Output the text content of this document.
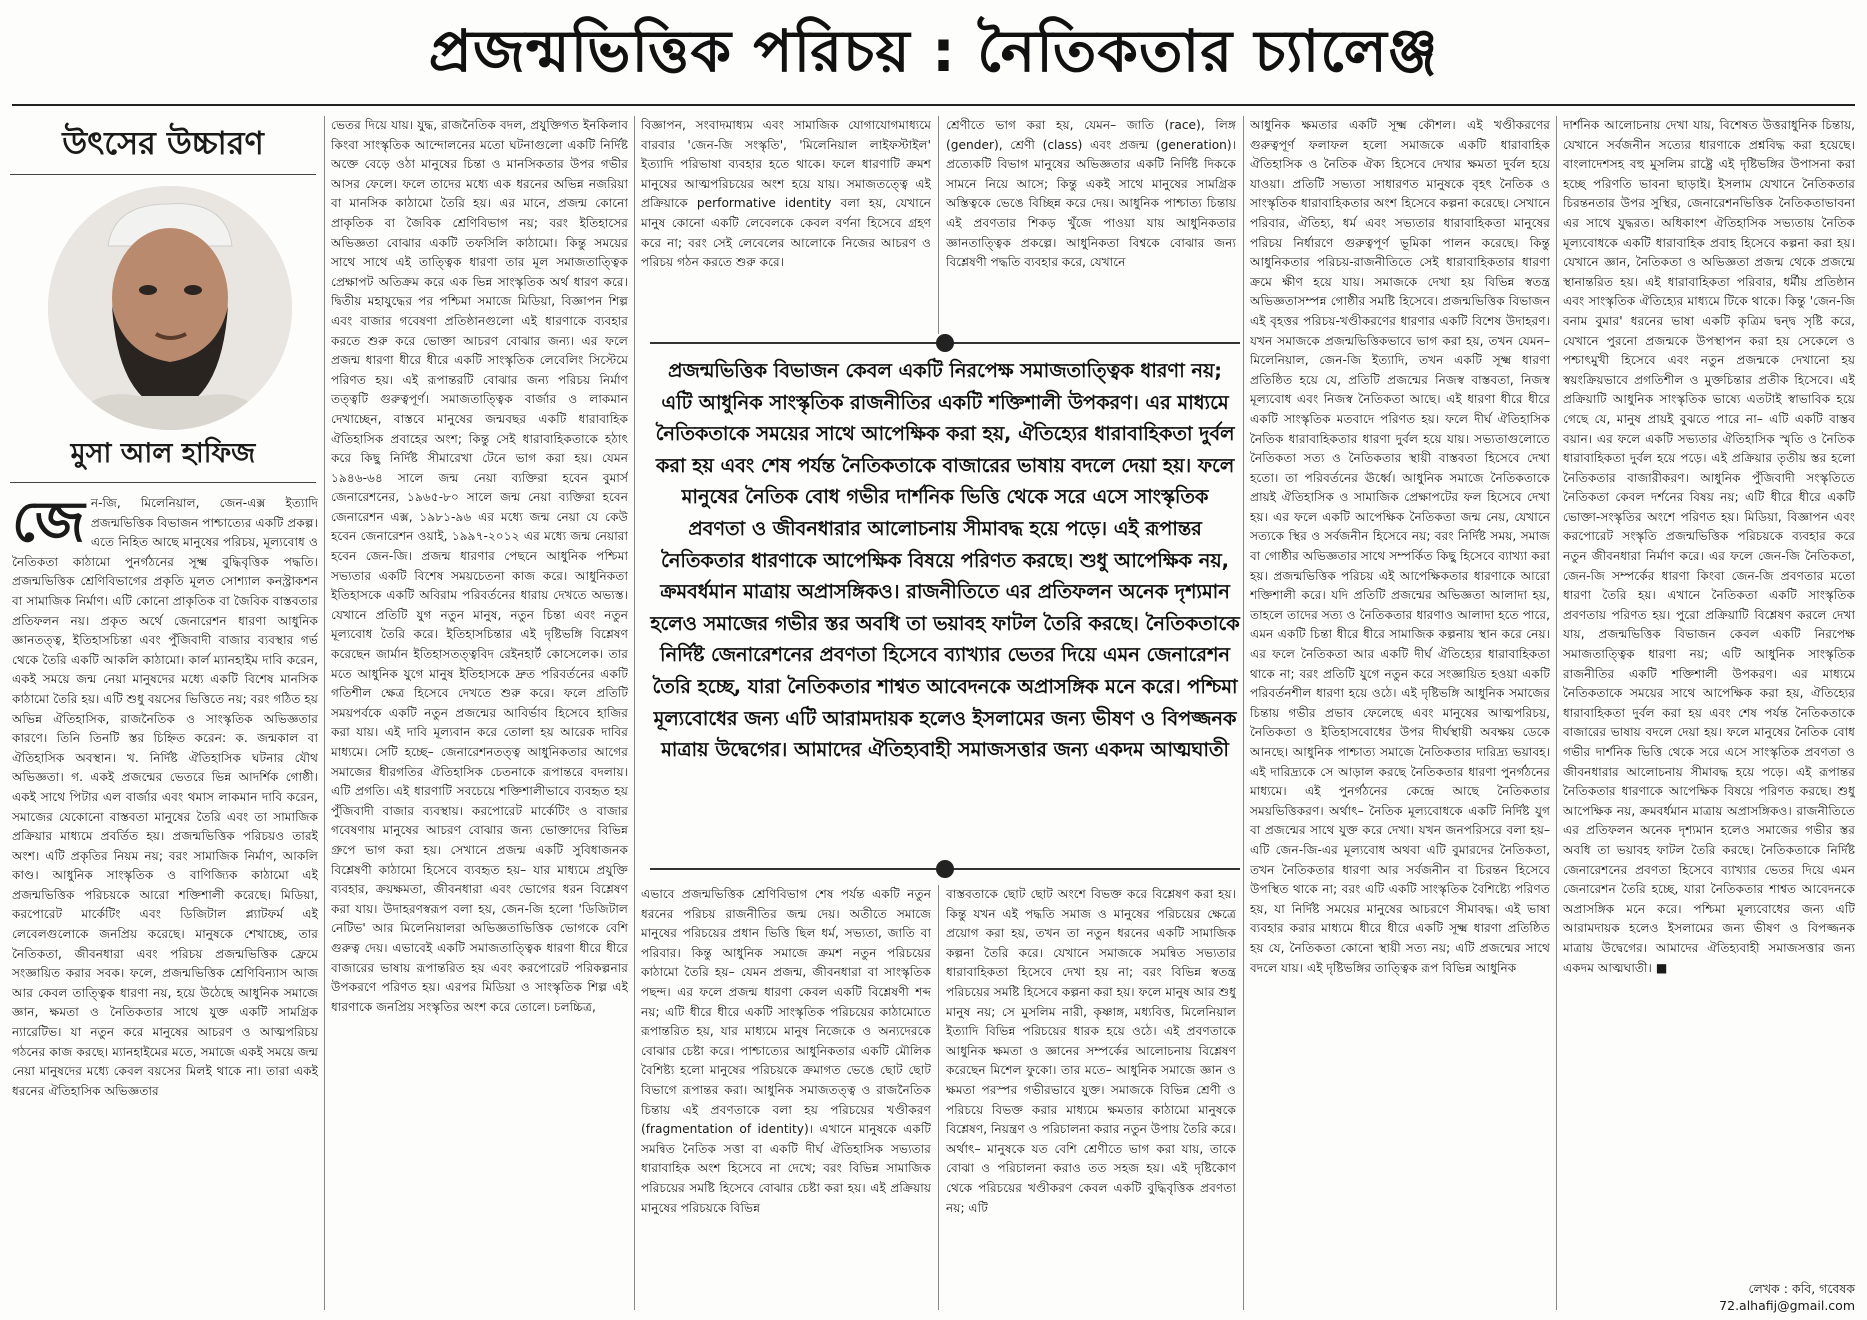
প্রজন্মভিত্তিক পরিচয় : নৈতিকতার চ্যালেঞ্জ
উৎসের উচ্চারণ
মুসা আল হাফিজ
জে ন-জি, মিলেনিয়াল, জেন-এক্স ইত্যাদি প্রজন্মভিত্তিক বিভাজন পাশ্চাত্যের একটি প্রকল্প। এতে নিহিত আছে মানুষের পরিচয়, মূল্যবোধ ও নৈতিকতা কাঠামো পুনর্গঠনের সূক্ষ্ম বুদ্ধিবৃত্তিক পদ্ধতি। প্রজন্মভিত্তিক শ্রেণিবিভাগের প্রকৃতি মূলত সোশ্যাল কনস্ট্রাকশন বা সামাজিক নির্মাণ। এটি কোনো প্রাকৃতিক বা জৈবিক বাস্তবতার প্রতিফলন নয়। প্রকৃত অর্থে জেনারেশন ধারণা আধুনিক জ্ঞানতত্ত্ব, ইতিহাসচিন্তা এবং পুঁজিবাদী বাজার ব্যবস্থার গর্ভ থেকে তৈরি একটি আকলি কাঠামো। কার্ল ম্যানহাইম দাবি করেন, একই সময়ে জন্ম নেয়া মানুষদের মধ্যে একটি বিশেষ মানসিক কাঠামো তৈরি হয়। এটি শুধু বয়সের ভিত্তিতে নয়; বরং গঠিত হয় অভিন্ন ঐতিহাসিক, রাজনৈতিক ও সাংস্কৃতিক অভিজ্ঞতার কারণে। তিনি তিনটি স্তর চিহ্নিত করেন: ক. জন্মকাল বা ঐতিহাসিক অবস্থান। খ. নির্দিষ্ট ঐতিহাসিক ঘটনার যৌথ অভিজ্ঞতা। গ. একই প্রজন্মের ভেতরে ভিন্ন আদর্শিক গোষ্ঠী। একই সাথে পিটার এল বার্জার এবং থমাস লাকমান দাবি করেন, সমাজের যেকোনো বাস্তবতা মানুষের তৈরি এবং তা সামাজিক প্রক্রিয়ার মাধ্যমে প্রবর্তিত হয়। প্রজন্মভিত্তিক পরিচয়ও তারই অংশ। এটি প্রকৃতির নিয়ম নয়; বরং সামাজিক নির্মাণ, আকলি কাণ্ড। আধুনিক সাংস্কৃতিক ও বাণিজ্যিক কাঠামো এই প্রজন্মভিত্তিক পরিচয়কে আরো শক্তিশালী করেছে। মিডিয়া, করপোরেট মার্কেটিং এবং ডিজিটাল প্ল্যাটফর্ম এই লেবেলগুলোকে জনপ্রিয় করেছে। মানুষকে শেখাচ্ছে, তার নৈতিকতা, জীবনধারা এবং পরিচয় প্রজন্মভিত্তিক ফ্রেমে সংজ্ঞায়িত করার সবক। ফলে, প্রজন্মভিত্তিক শ্রেণিবিন্যাস আজ আর কেবল তাত্ত্বিক ধারণা নয়, হয়ে উঠেছে আধুনিক সমাজে জ্ঞান, ক্ষমতা ও নৈতিকতার সাথে যুক্ত একটি সামগ্রিক ন্যারেটিভ। যা নতুন করে মানুষের আচরণ ও আত্মপরিচয় গঠনের কাজ করছে। ম্যানহাইমের মতে, সমাজে একই সময়ে জন্ম নেয়া মানুষদের মধ্যে কেবল বয়সের মিলই থাকে না। তারা একই ধরনের ঐতিহাসিক অভিজ্ঞতার

ভেতর দিয়ে যায়। যুদ্ধ, রাজনৈতিক বদল, প্রযুক্তিগত ইনকিলাব কিংবা সাংস্কৃতিক আন্দোলনের মতো ঘটনাগুলো একটি নির্দিষ্ট অক্তে বেড়ে ওঠা মানুষের চিন্তা ও মানসিকতার উপর গভীর আসর ফেলে। ফলে তাদের মধ্যে এক ধরনের অভিন্ন নজরিয়া বা মানসিক কাঠামো তৈরি হয়। এর মানে, প্রজন্ম কোনো প্রাকৃতিক বা জৈবিক শ্রেণিবিভাগ নয়; বরং ইতিহাসের অভিজ্ঞতা বোঝার একটি তফসিলি কাঠামো। কিন্তু সময়ের সাথে সাথে এই তাত্ত্বিক ধারণা তার মূল সমাজতাত্ত্বিক প্রেক্ষাপট অতিক্রম করে এক ভিন্ন সাংস্কৃতিক অর্থ ধারণ করে। দ্বিতীয় মহাযুদ্ধের পর পশ্চিমা সমাজে মিডিয়া, বিজ্ঞাপন শিল্প এবং বাজার গবেষণা প্রতিষ্ঠানগুলো এই ধারণাকে ব্যবহার করতে শুরু করে ভোক্তা আচরণ বোঝার জন্য। এর ফলে প্রজন্ম ধারণা ধীরে ধীরে একটি সাংস্কৃতিক লেবেলিং সিস্টেমে পরিণত হয়। এই রূপান্তরটি বোঝার জন্য পরিচয় নির্মাণ তত্ত্বটি গুরুত্বপূর্ণ। সমাজতাত্ত্বিক বার্জার ও লাকমান দেখাচ্ছেন, বাস্তবে মানুষের জন্মবছর একটি ধারাবাহিক ঐতিহাসিক প্রবাহের অংশ; কিন্তু সেই ধারাবাহিকতাকে হঠাৎ করে কিছু নির্দিষ্ট সীমারেখা টেনে ভাগ করা হয়। যেমন ১৯৪৬-৬৪ সালে জন্ম নেয়া ব্যক্তিরা হবেন বুমার্স জেনারেশনের, ১৯৬৫-৮০ সালে জন্ম নেয়া ব্যক্তিরা হবেন জেনারেশন এক্স, ১৯৮১-৯৬ এর মধ্যে জন্ম নেয়া যে কেউ হবেন জেনারেশন ওয়াই, ১৯৯৭-২০১২ এর মধ্যে জন্ম নেয়ারা হবেন জেন-জি। প্রজন্ম ধারণার পেছনে আধুনিক পশ্চিমা সভ্যতার একটি বিশেষ সময়চেতনা কাজ করে। আধুনিকতা ইতিহাসকে একটি অবিরাম পরিবর্তনের ধারায় দেখতে অভ্যস্ত। যেখানে প্রতিটি যুগ নতুন মানুষ, নতুন চিন্তা এবং নতুন মূল্যবোধ তৈরি করে। ইতিহাসচিন্তার এই দৃষ্টিভঙ্গি বিশ্লেষণ করেছেন জার্মান ইতিহাসতত্ত্ববিদ রেইনহার্ট কোসেলেক। তার মতে আধুনিক যুগে মানুষ ইতিহাসকে দ্রুত পরিবর্তনের একটি গতিশীল ক্ষেত্র হিসেবে দেখতে শুরু করে। ফলে প্রতিটি সময়পর্বকে একটি নতুন প্রজন্মের আবির্ভাব হিসেবে হাজির করা যায়। এই দাবি মূল্যবান করে তোলা হয় আরেক দাবির মাধ্যমে। সেটি হচ্ছে– জেনারেশনতত্ত্ব আধুনিকতার আগের সমাজের ধীরগতির ঐতিহাসিক চেতনাকে রূপান্তরে বদলায়। এটি প্রগতি। এই ধারণাটি সবচেয়ে শক্তিশালীভাবে ব্যবহৃত হয় পুঁজিবাদী বাজার ব্যবস্থায়। করপোরেট মার্কেটিং ও বাজার গবেষণায় মানুষের আচরণ বোঝার জন্য ভোক্তাদের বিভিন্ন গ্রুপে ভাগ করা হয়। সেখানে প্রজন্ম একটি সুবিধাজনক বিশ্লেষণী কাঠামো হিসেবে ব্যবহৃত হয়– যার মাধ্যমে প্রযুক্তি ব্যবহার, ক্রয়ক্ষমতা, জীবনধারা এবং ভোগের ধরন বিশ্লেষণ করা যায়। উদাহরণস্বরূপ বলা হয়, জেন-জি হলো 'ডিজিটাল নেটিভ' আর মিলেনিয়ালরা অভিজ্ঞতাভিত্তিক ভোগকে বেশি গুরুত্ব দেয়। এভাবেই একটি সমাজতাত্ত্বিক ধারণা ধীরে ধীরে বাজারের ভাষায় রূপান্তরিত হয় এবং করপোরেট পরিকল্পনার উপকরণে পরিণত হয়। এরপর মিডিয়া ও সাংস্কৃতিক শিল্প এই ধারণাকে জনপ্রিয় সংস্কৃতির অংশ করে তোলে। চলচ্চিত্র,

বিজ্ঞাপন, সংবাদমাধ্যম এবং সামাজিক যোগাযোগমাধ্যমে বারবার 'জেন-জি সংস্কৃতি', 'মিলেনিয়াল লাইফস্টাইল' ইত্যাদি পরিভাষা ব্যবহার হতে থাকে। ফলে ধারণাটি ক্রমশ মানুষের আত্মপরিচয়ের অংশ হয়ে যায়। সমাজতত্ত্বে এই প্রক্রিয়াকে performative identity বলা হয়, যেখানে মানুষ কোনো একটি লেবেলকে কেবল বর্ণনা হিসেবে গ্রহণ করে না; বরং সেই লেবেলের আলোকে নিজের আচরণ ও পরিচয় গঠন করতে শুরু করে।

শ্রেণীতে ভাগ করা হয়, যেমন– জাতি (race), লিঙ্গ (gender), শ্রেণী (class) এবং প্রজন্ম (generation)। প্রত্যেকটি বিভাগ মানুষের অভিজ্ঞতার একটি নির্দিষ্ট দিককে সামনে নিয়ে আসে; কিন্তু একই সাথে মানুষের সামগ্রিক অস্তিত্বকে ভেঙে বিচ্ছিন্ন করে দেয়। আধুনিক পাশ্চাত্য চিন্তায় এই প্রবণতার শিকড় খুঁজে পাওয়া যায় আধুনিকতার জ্ঞানতাত্ত্বিক প্রকল্পে। আধুনিকতা বিশ্বকে বোঝার জন্য বিশ্লেষণী পদ্ধতি ব্যবহার করে, যেখানে

প্রজন্মভিত্তিক বিভাজন কেবল একটি নিরপেক্ষ সমাজতাত্ত্বিক ধারণা নয়; এটি আধুনিক সাংস্কৃতিক রাজনীতির একটি শক্তিশালী উপকরণ। এর মাধ্যমে নৈতিকতাকে সময়ের সাথে আপেক্ষিক করা হয়, ঐতিহ্যের ধারাবাহিকতা দুর্বল করা হয় এবং শেষ পর্যন্ত নৈতিকতাকে বাজারের ভাষায় বদলে দেয়া হয়। ফলে মানুষের নৈতিক বোধ গভীর দার্শনিক ভিত্তি থেকে সরে এসে সাংস্কৃতিক প্রবণতা ও জীবনধারার আলোচনায় সীমাবদ্ধ হয়ে পড়ে। এই রূপান্তর নৈতিকতার ধারণাকে আপেক্ষিক বিষয়ে পরিণত করছে। শুধু আপেক্ষিক নয়, ক্রমবর্ধমান মাত্রায় অপ্রাসঙ্গিকও। রাজনীতিতে এর প্রতিফলন অনেক দৃশ্যমান হলেও সমাজের গভীর স্তর অবধি তা ভয়াবহ ফাটল তৈরি করছে। নৈতিকতাকে নির্দিষ্ট জেনারেশনের প্রবণতা হিসেবে ব্যাখ্যার ভেতর দিয়ে এমন জেনারেশন তৈরি হচ্ছে, যারা নৈতিকতার শাশ্বত আবেদনকে অপ্রাসঙ্গিক মনে করে। পশ্চিমা মূল্যবোধের জন্য এটি আরামদায়ক হলেও ইসলামের জন্য ভীষণ ও বিপজ্জনক মাত্রায় উদ্বেগের। আমাদের ঐতিহ্যবাহী সমাজসত্তার জন্য একদম আত্মঘাতী

এভাবে প্রজন্মভিত্তিক শ্রেণিবিভাগ শেষ পর্যন্ত একটি নতুন ধরনের পরিচয় রাজনীতির জন্ম দেয়। অতীতে সমাজে মানুষের পরিচয়ের প্রধান ভিত্তি ছিল ধর্ম, সভ্যতা, জাতি বা পরিবার। কিন্তু আধুনিক সমাজে ক্রমশ নতুন পরিচয়ের কাঠামো তৈরি হয়– যেমন প্রজন্ম, জীবনধারা বা সাংস্কৃতিক পছন্দ। এর ফলে প্রজন্ম ধারণা কেবল একটি বিশ্লেষণী শব্দ নয়; এটি ধীরে ধীরে একটি সাংস্কৃতিক পরিচয়ের কাঠামোতে রূপান্তরিত হয়, যার মাধ্যমে মানুষ নিজেকে ও অন্যদেরকে বোঝার চেষ্টা করে। পাশ্চাত্যের আধুনিকতার একটি মৌলিক বৈশিষ্ট্য হলো মানুষের পরিচয়কে ক্রমাগত ভেঙে ছোট ছোট বিভাগে রূপান্তর করা। আধুনিক সমাজতত্ত্ব ও রাজনৈতিক চিন্তায় এই প্রবণতাকে বলা হয় পরিচয়ের খণ্ডীকরণ (fragmentation of identity)। এখানে মানুষকে একটি সমন্বিত নৈতিক সত্তা বা একটি দীর্ঘ ঐতিহাসিক সভ্যতার ধারাবাহিক অংশ হিসেবে না দেখে; বরং বিভিন্ন সামাজিক পরিচয়ের সমষ্টি হিসেবে বোঝার চেষ্টা করা হয়। এই প্রক্রিয়ায় মানুষের পরিচয়কে বিভিন্ন

বাস্তবতাকে ছোট ছোট অংশে বিভক্ত করে বিশ্লেষণ করা হয়। কিন্তু যখন এই পদ্ধতি সমাজ ও মানুষের পরিচয়ের ক্ষেত্রে প্রয়োগ করা হয়, তখন তা নতুন ধরনের একটি সামাজিক কল্পনা তৈরি করে। যেখানে সমাজকে সমন্বিত সভ্যতার ধারাবাহিকতা হিসেবে দেখা হয় না; বরং বিভিন্ন স্বতন্ত্র পরিচয়ের সমষ্টি হিসেবে কল্পনা করা হয়। ফলে মানুষ আর শুধু মানুষ নয়; সে মুসলিম নারী, কৃষ্ণাঙ্গ, মধ্যবিত্ত, মিলেনিয়াল ইত্যাদি বিভিন্ন পরিচয়ের ধারক হয়ে ওঠে। এই প্রবণতাকে আধুনিক ক্ষমতা ও জ্ঞানের সম্পর্কের আলোচনায় বিশ্লেষণ করেছেন মিশেল ফুকো। তার মতে– আধুনিক সমাজে জ্ঞান ও ক্ষমতা পরস্পর গভীরভাবে যুক্ত। সমাজকে বিভিন্ন শ্রেণী ও পরিচয়ে বিভক্ত করার মাধ্যমে ক্ষমতার কাঠামো মানুষকে বিশ্লেষণ, নিয়ন্ত্রণ ও পরিচালনা করার নতুন উপায় তৈরি করে। অর্থাৎ– মানুষকে যত বেশি শ্রেণীতে ভাগ করা যায়, তাকে বোঝা ও পরিচালনা করাও তত সহজ হয়। এই দৃষ্টিকোণ থেকে পরিচয়ের খণ্ডীকরণ কেবল একটি বুদ্ধিবৃত্তিক প্রবণতা নয়; এটি

আধুনিক ক্ষমতার একটি সূক্ষ্ম কৌশল। এই খণ্ডীকরণের গুরুত্বপূর্ণ ফলাফল হলো সমাজকে একটি ধারাবাহিক ঐতিহাসিক ও নৈতিক ঐক্য হিসেবে দেখার ক্ষমতা দুর্বল হয়ে যাওয়া। প্রতিটি সভ্যতা সাধারণত মানুষকে বৃহৎ নৈতিক ও সাংস্কৃতিক ধারাবাহিকতার অংশ হিসেবে কল্পনা করেছে। সেখানে পরিবার, ঐতিহ্য, ধর্ম এবং সভ্যতার ধারাবাহিকতা মানুষের পরিচয় নির্ধারণে গুরুত্বপূর্ণ ভূমিকা পালন করেছে। কিন্তু আধুনিকতার পরিচয়-রাজনীতিতে সেই ধারাবাহিকতার ধারণা ক্রমে ক্ষীণ হয়ে যায়। সমাজকে দেখা হয় বিভিন্ন স্বতন্ত্র অভিজ্ঞতাসম্পন্ন গোষ্ঠীর সমষ্টি হিসেবে। প্রজন্মভিত্তিক বিভাজন এই বৃহত্তর পরিচয়-খণ্ডীকরণের ধারণার একটি বিশেষ উদাহরণ। যখন সমাজকে প্রজন্মভিত্তিকভাবে ভাগ করা হয়, তখন যেমন– মিলেনিয়াল, জেন-জি ইত্যাদি, তখন একটি সূক্ষ্ম ধারণা প্রতিষ্ঠিত হয়ে যে, প্রতিটি প্রজন্মের নিজস্ব বাস্তবতা, নিজস্ব মূল্যবোধ এবং নিজস্ব নৈতিকতা আছে। এই ধারণা ধীরে ধীরে একটি সাংস্কৃতিক মতবাদে পরিণত হয়। ফলে দীর্ঘ ঐতিহাসিক নৈতিক ধারাবাহিকতার ধারণা দুর্বল হয়ে যায়। সভ্যতাগুলোতে নৈতিকতা সত্য ও নৈতিকতার স্থায়ী বাস্তবতা হিসেবে দেখা হতো। তা পরিবর্তনের ঊর্ধ্বে। আধুনিক সমাজে নৈতিকতাকে প্রায়ই ঐতিহাসিক ও সামাজিক প্রেক্ষাপটের ফল হিসেবে দেখা হয়। এর ফলে একটি আপেক্ষিক নৈতিকতা জন্ম নেয়, যেখানে সত্যকে স্থির ও সর্বজনীন হিসেবে নয়; বরং নির্দিষ্ট সময়, সমাজ বা গোষ্ঠীর অভিজ্ঞতার সাথে সম্পর্কিত কিছু হিসেবে ব্যাখ্যা করা হয়। প্রজন্মভিত্তিক পরিচয় এই আপেক্ষিকতার ধারণাকে আরো শক্তিশালী করে। যদি প্রতিটি প্রজন্মের অভিজ্ঞতা আলাদা হয়, তাহলে তাদের সত্য ও নৈতিকতার ধারণাও আলাদা হতে পারে, এমন একটি চিন্তা ধীরে ধীরে সামাজিক কল্পনায় স্থান করে নেয়। এর ফলে নৈতিকতা আর একটি দীর্ঘ ঐতিহ্যের ধারাবাহিকতা থাকে না; বরং প্রতিটি যুগে নতুন করে সংজ্ঞায়িত হওয়া একটি পরিবর্তনশীল ধারণা হয়ে ওঠে। এই দৃষ্টিভঙ্গি আধুনিক সমাজের চিন্তায় গভীর প্রভাব ফেলেছে এবং মানুষের আত্মপরিচয়, নৈতিকতা ও ইতিহাসবোধের উপর দীর্ঘস্থায়ী অবক্ষয় ডেকে আনছে। আধুনিক পাশ্চাত্য সমাজে নৈতিকতার দারিদ্র্য ভয়াবহ। এই দারিদ্র্যকে সে আড়াল করছে নৈতিকতার ধারণা পুনর্গঠনের মাধ্যমে। এই পুনর্গঠনের কেন্দ্রে আছে নৈতিকতার সময়ভিত্তিকরণ। অর্থাৎ– নৈতিক মূল্যবোধকে একটি নির্দিষ্ট যুগ বা প্রজন্মের সাথে যুক্ত করে দেখা। যখন জনপরিসরে বলা হয়– এটি জেন-জি-এর মূল্যবোধ অথবা এটি বুমারদের নৈতিকতা, তখন নৈতিকতার ধারণা আর সর্বজনীন বা চিরন্তন হিসেবে উপস্থিত থাকে না; বরং এটি একটি সাংস্কৃতিক বৈশিষ্ট্যে পরিণত হয়, যা নির্দিষ্ট সময়ের মানুষের আচরণে সীমাবদ্ধ। এই ভাষা ব্যবহার করার মাধ্যমে ধীরে ধীরে একটি সূক্ষ্ম ধারণা প্রতিষ্ঠিত হয় যে, নৈতিকতা কোনো স্থায়ী সত্য নয়; এটি প্রজন্মের সাথে বদলে যায়। এই দৃষ্টিভঙ্গির তাত্ত্বিক রূপ বিভিন্ন আধুনিক

দার্শনিক আলোচনায় দেখা যায়, বিশেষত উত্তরাধুনিক চিন্তায়, যেখানে সর্বজনীন সত্যের ধারণাকে প্রশ্নবিদ্ধ করা হয়েছে। বাংলাদেশসহ বহু মুসলিম রাষ্ট্রে এই দৃষ্টিভঙ্গির উপাসনা করা হচ্ছে পরিণতি ভাবনা ছাড়াই। ইসলাম যেখানে নৈতিকতার চিরন্তনতার উপর সুস্থির, জেনারেশনভিত্তিক নৈতিকতাভাবনা এর সাথে যুদ্ধরত। অধিকাংশ ঐতিহাসিক সভ্যতায় নৈতিক মূল্যবোধকে একটি ধারাবাহিক প্রবাহ হিসেবে কল্পনা করা হয়। যেখানে জ্ঞান, নৈতিকতা ও অভিজ্ঞতা প্রজন্ম থেকে প্রজন্মে স্থানান্তরিত হয়। এই ধারাবাহিকতা পরিবার, ধর্মীয় প্রতিষ্ঠান এবং সাংস্কৃতিক ঐতিহ্যের মাধ্যমে টিকে থাকে। কিন্তু 'জেন-জি বনাম বুমার' ধরনের ভাষা একটি কৃত্রিম দ্বন্দ্ব সৃষ্টি করে, যেখানে পুরনো প্রজন্মকে উপস্থাপন করা হয় সেকেলে ও পশ্চাৎমুখী হিসেবে এবং নতুন প্রজন্মকে দেখানো হয় স্বয়ংক্রিয়ভাবে প্রগতিশীল ও মুক্তচিন্তার প্রতীক হিসেবে। এই প্রক্রিয়াটি আধুনিক সাংস্কৃতিক ভাষ্যে এতটাই স্বাভাবিক হয়ে গেছে যে, মানুষ প্রায়ই বুঝতে পারে না– এটি একটি বাস্তব বয়ান। এর ফলে একটি সভ্যতার ঐতিহাসিক স্মৃতি ও নৈতিক ধারাবাহিকতা দুর্বল হয়ে পড়ে। এই প্রক্রিয়ার তৃতীয় স্তর হলো নৈতিকতার বাজারীকরণ। আধুনিক পুঁজিবাদী সংস্কৃতিতে নৈতিকতা কেবল দর্শনের বিষয় নয়; এটি ধীরে ধীরে একটি ভোক্তা-সংস্কৃতির অংশে পরিণত হয়। মিডিয়া, বিজ্ঞাপন এবং করপোরেট সংস্কৃতি প্রজন্মভিত্তিক পরিচয়কে ব্যবহার করে নতুন জীবনধারা নির্মাণ করে। এর ফলে জেন-জি নৈতিকতা, জেন-জি সম্পর্কের ধারণা কিংবা জেন-জি প্রবণতার মতো ধারণা তৈরি হয়। এখানে নৈতিকতা একটি সাংস্কৃতিক প্রবণতায় পরিণত হয়। পুরো প্রক্রিয়াটি বিশ্লেষণ করলে দেখা যায়, প্রজন্মভিত্তিক বিভাজন কেবল একটি নিরপেক্ষ সমাজতাত্ত্বিক ধারণা নয়; এটি আধুনিক সাংস্কৃতিক রাজনীতির একটি শক্তিশালী উপকরণ। এর মাধ্যমে নৈতিকতাকে সময়ের সাথে আপেক্ষিক করা হয়, ঐতিহ্যের ধারাবাহিকতা দুর্বল করা হয় এবং শেষ পর্যন্ত নৈতিকতাকে বাজারের ভাষায় বদলে দেয়া হয়। ফলে মানুষের নৈতিক বোধ গভীর দার্শনিক ভিত্তি থেকে সরে এসে সাংস্কৃতিক প্রবণতা ও জীবনধারার আলোচনায় সীমাবদ্ধ হয়ে পড়ে। এই রূপান্তর নৈতিকতার ধারণাকে আপেক্ষিক বিষয়ে পরিণত করছে। শুধু আপেক্ষিক নয়, ক্রমবর্ধমান মাত্রায় অপ্রাসঙ্গিকও। রাজনীতিতে এর প্রতিফলন অনেক দৃশ্যমান হলেও সমাজের গভীর স্তর অবধি তা ভয়াবহ ফাটল তৈরি করছে। নৈতিকতাকে নির্দিষ্ট জেনারেশনের প্রবণতা হিসেবে ব্যাখ্যার ভেতর দিয়ে এমন জেনারেশন তৈরি হচ্ছে, যারা নৈতিকতার শাশ্বত আবেদনকে অপ্রাসঙ্গিক মনে করে। পশ্চিমা মূল্যবোধের জন্য এটি আরামদায়ক হলেও ইসলামের জন্য ভীষণ ও বিপজ্জনক মাত্রায় উদ্বেগের। আমাদের ঐতিহ্যবাহী সমাজসত্তার জন্য একদম আত্মঘাতী। ■

লেখক : কবি, গবেষক
72.alhafij@gmail.com
